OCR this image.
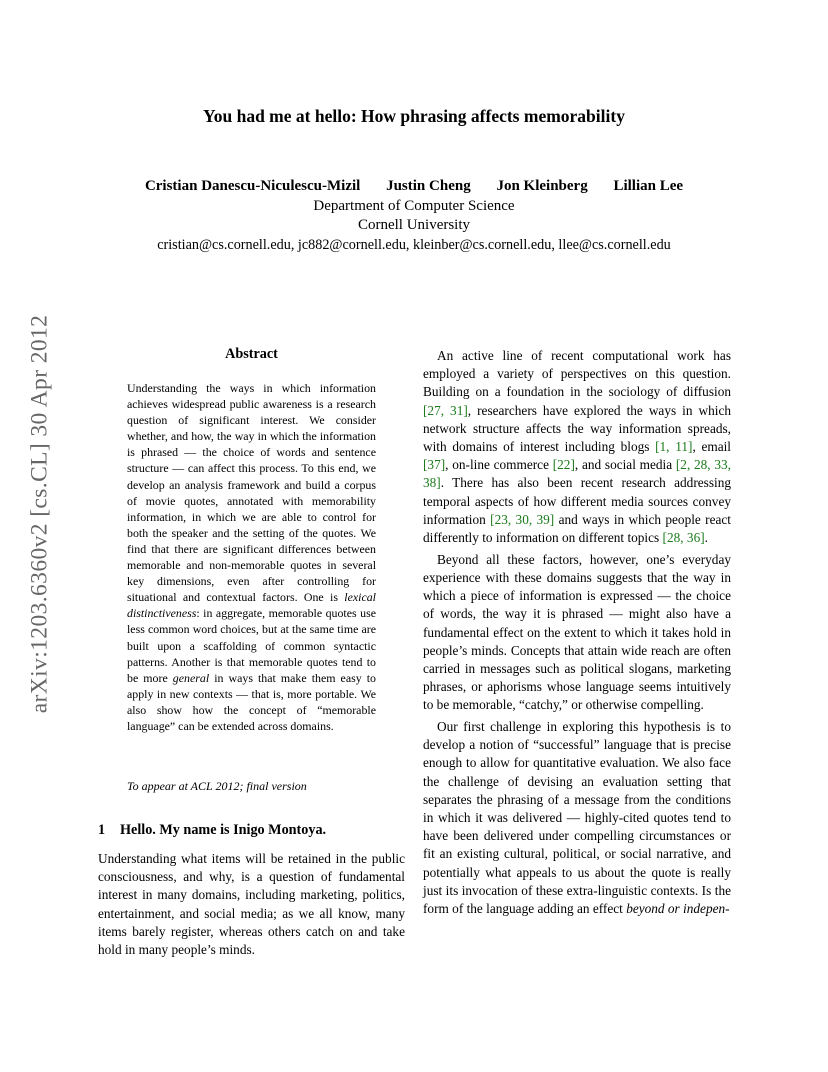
You had me at hello: How phrasing affects memorability
Cristian Danescu-Niculescu-Mizil Justin Cheng Jon Kleinberg Lillian Lee
Department of Computer Science
Cornell University
cristian@cs.cornell.edu, jc882@cornell.edu, kleinber@cs.cornell.edu, llee@cs.cornell.edu
arXiv:1203.6360v2 [cs.CL] 30 Apr 2012	Abstract

Understanding the ways in which information achieves widespread public awareness is a research question of significant interest. We consider whether, and how, the way in which the information is phrased — the choice of words and sentence structure — can affect this process. To this end, we develop an analysis framework and build a corpus of movie quotes, annotated with memorability information, in which we are able to control for both the speaker and the setting of the quotes. We find that there are significant differences between memorable and non-memorable quotes in several key dimensions, even after controlling for situational and contextual factors. One is lexical distinctiveness: in aggregate, memorable quotes use less common word choices, but at the same time are built upon a scaffolding of common syntactic patterns. Another is that memorable quotes tend to be more general in ways that make them easy to apply in new contexts — that is, more portable. We also show how the concept of “memorable language” can be extended across domains.

To appear at ACL 2012; final version
1 Hello. My name is Inigo Montoya.

Understanding what items will be retained in the public consciousness, and why, is a question of fundamental interest in many domains, including marketing, politics, entertainment, and social media; as we all know, many items barely register, whereas others catch on and take hold in many people’s minds.

An active line of recent computational work has employed a variety of perspectives on this question. Building on a foundation in the sociology of diffusion [27, 31], researchers have explored the ways in which network structure affects the way information spreads, with domains of interest including blogs [1, 11], email [37], on-line commerce [22], and social media [2, 28, 33, 38]. There has also been recent research addressing temporal aspects of how different media sources convey information [23, 30, 39] and ways in which people react differently to information on different topics [28, 36].

Beyond all these factors, however, one’s everyday experience with these domains suggests that the way in which a piece of information is expressed — the choice of words, the way it is phrased — might also have a fundamental effect on the extent to which it takes hold in people’s minds. Concepts that attain wide reach are often carried in messages such as political slogans, marketing phrases, or aphorisms whose language seems intuitively to be memorable, “catchy,” or otherwise compelling.

Our first challenge in exploring this hypothesis is to develop a notion of “successful” language that is precise enough to allow for quantitative evaluation. We also face the challenge of devising an evaluation setting that separates the phrasing of a message from the conditions in which it was delivered — highly-cited quotes tend to have been delivered under compelling circumstances or fit an existing cultural, political, or social narrative, and potentially what appeals to us about the quote is really just its invocation of these extra-linguistic contexts. Is the form of the language adding an effect beyond or indepen-
